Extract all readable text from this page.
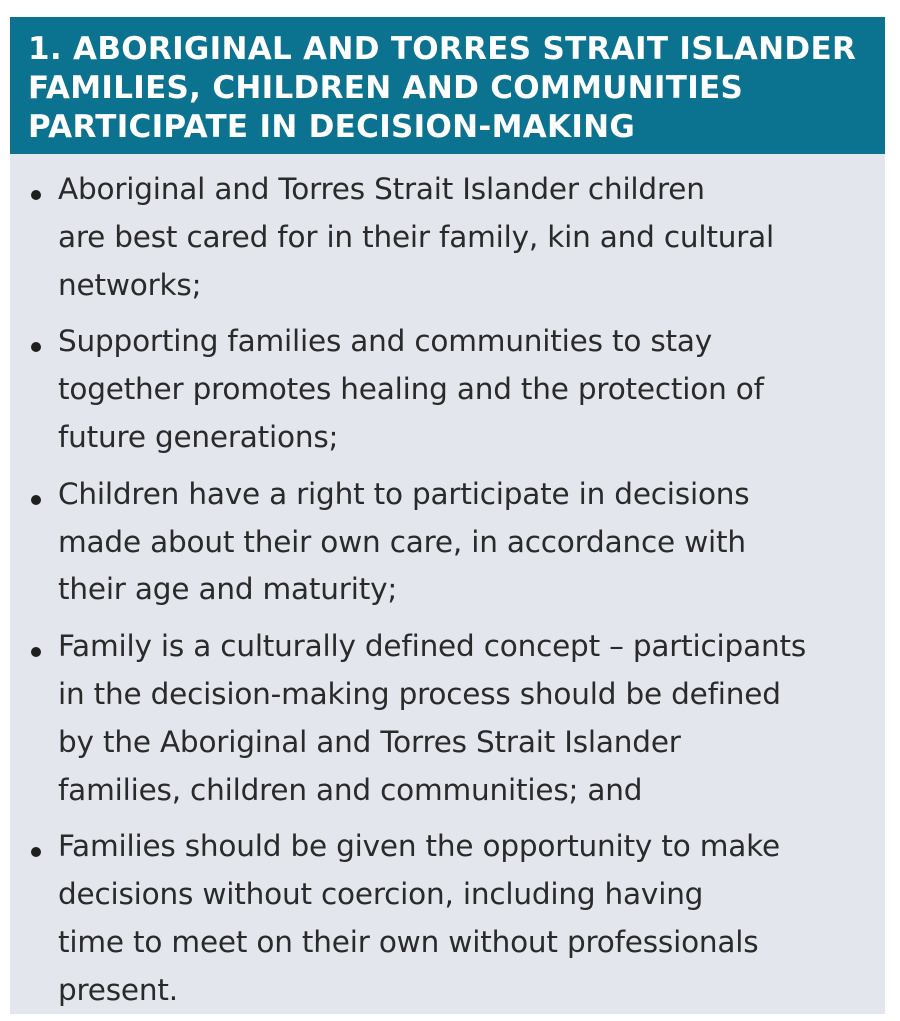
1. ABORIGINAL AND TORRES STRAIT ISLANDER
FAMILIES, CHILDREN AND COMMUNITIES
PARTICIPATE IN DECISION-MAKING
Aboriginal and Torres Strait Islander children
are best cared for in their family, kin and cultural
networks;
Supporting families and communities to stay
together promotes healing and the protection of
future generations;
Children have a right to participate in decisions
made about their own care, in accordance with
their age and maturity;
Family is a culturally defined concept – participants
in the decision-making process should be defined
by the Aboriginal and Torres Strait Islander
families, children and communities; and
Families should be given the opportunity to make
decisions without coercion, including having
time to meet on their own without professionals
present.
